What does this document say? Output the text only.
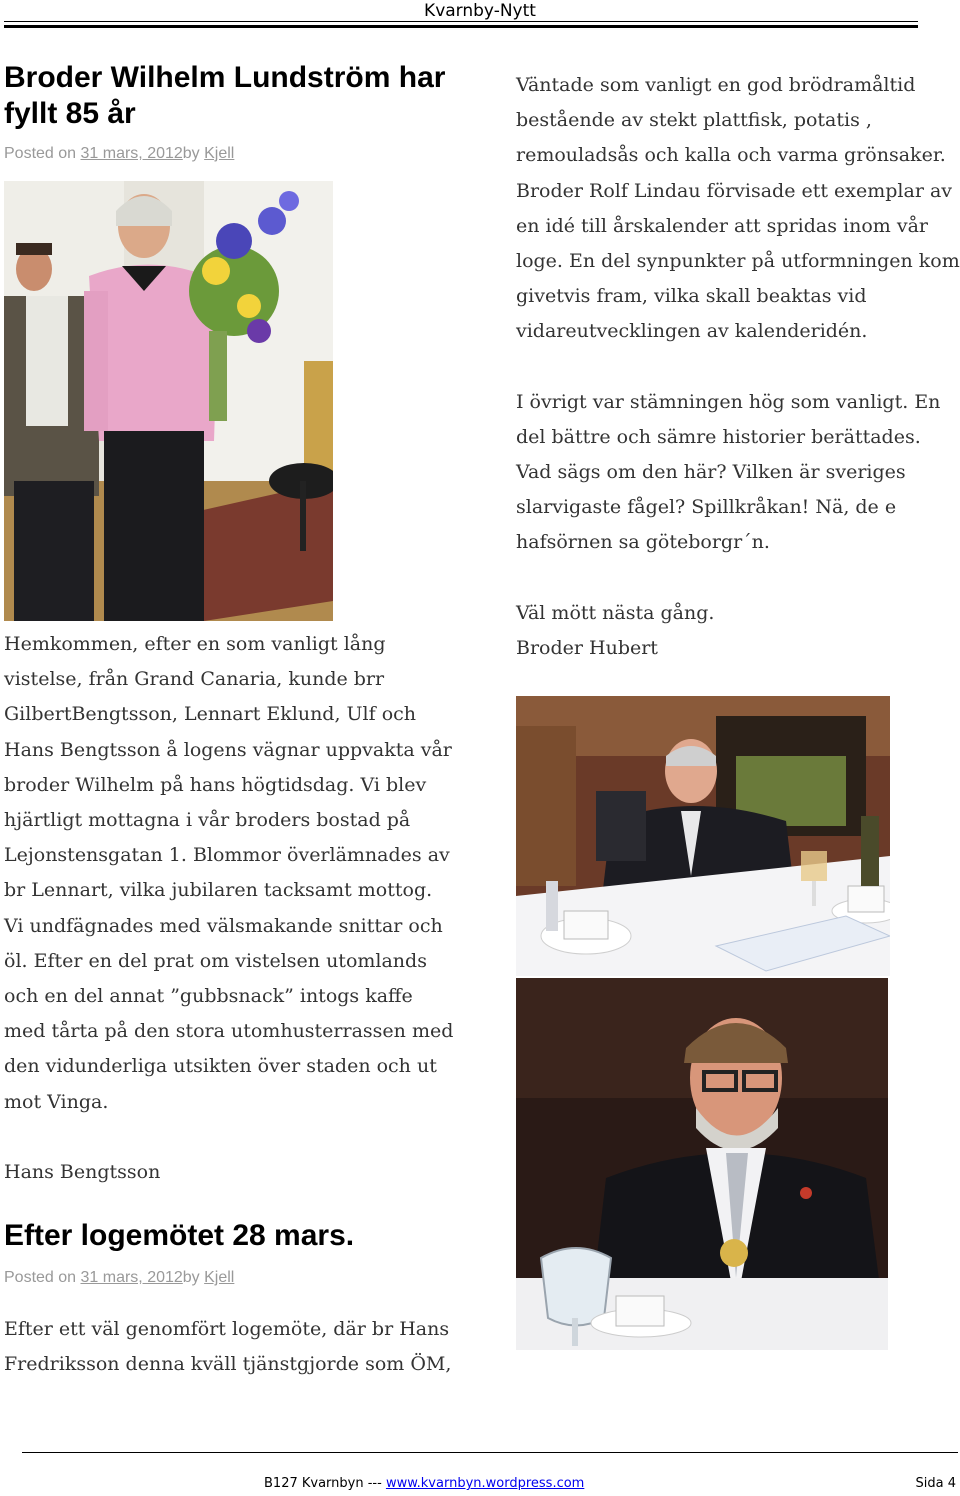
Kvarnby-Nytt
Broder Wilhelm Lundström har fyllt 85 år
Posted on 31 mars, 2012by Kjell

Hemkommen, efter en som vanligt lång vistelse, från Grand Canaria, kunde brr GilbertBengtsson, Lennart Eklund, Ulf och Hans Bengtsson å logens vägnar uppvakta vår broder Wilhelm på hans högtidsdag. Vi blev hjärtligt mottagna i vår broders bostad på Lejonstensgatan 1. Blommor överlämnades av br Lennart, vilka jubilaren tacksamt mottog. Vi undfägnades med välsmakande snittar och öl. Efter en del prat om vistelsen utomlands och en del annat ”gubbsnack” intogs kaffe med tårta på den stora utomhusterrassen med den vidunderliga utsikten över staden och ut mot Vinga.

Hans Bengtsson

Efter logemötet 28 mars.
Posted on 31 mars, 2012by Kjell

Efter ett väl genomfört logemöte, där br Hans Fredriksson denna kväll tjänstgjorde som ÖM,

Väntade som vanligt en god brödramåltid bestående av stekt plattfisk, potatis , remouladsås och kalla och varma grönsaker. Broder Rolf Lindau förvisade ett exemplar av en idé till årskalender att spridas inom vår loge. En del synpunkter på utformningen kom givetvis fram, vilka skall beaktas vid vidareutvecklingen av kalenderidén.

I övrigt var stämningen hög som vanligt. En del bättre och sämre historier berättades. Vad sägs om den här? Vilken är sveriges slarvigaste fågel? Spillkråkan! Nä, de e hafsörnen sa göteborgr´n.

Väl mött nästa gång.

Broder Hubert

B127 Kvarnbyn --- www.kvarnbyn.wordpress.com	Sida 4
